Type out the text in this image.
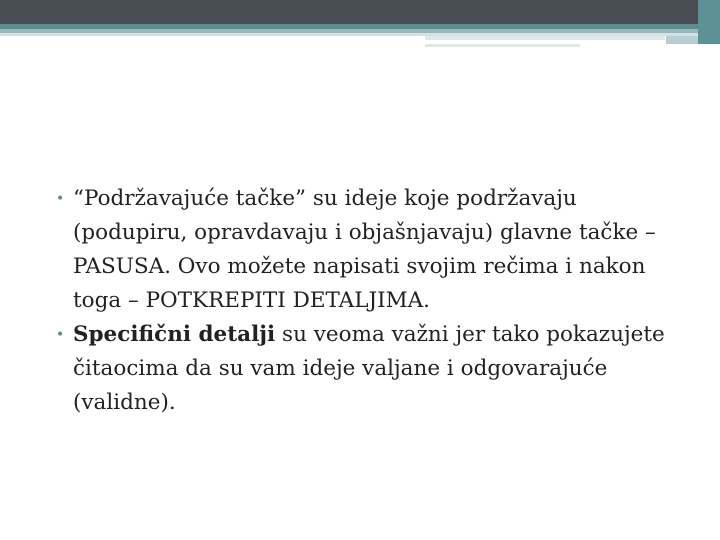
• “Podržavajuće tačke” su ideje koje podržavaju (podupiru, opravdavaju i objašnjavaju) glavne tačke – PASUSA. Ovo možete napisati svojim rečima i nakon toga – POTKREPITI DETALJIMA.
• Specifični detalji su veoma važni jer tako pokazujete čitaocima da su vam ideje valjane i odgovarajuće (validne).
